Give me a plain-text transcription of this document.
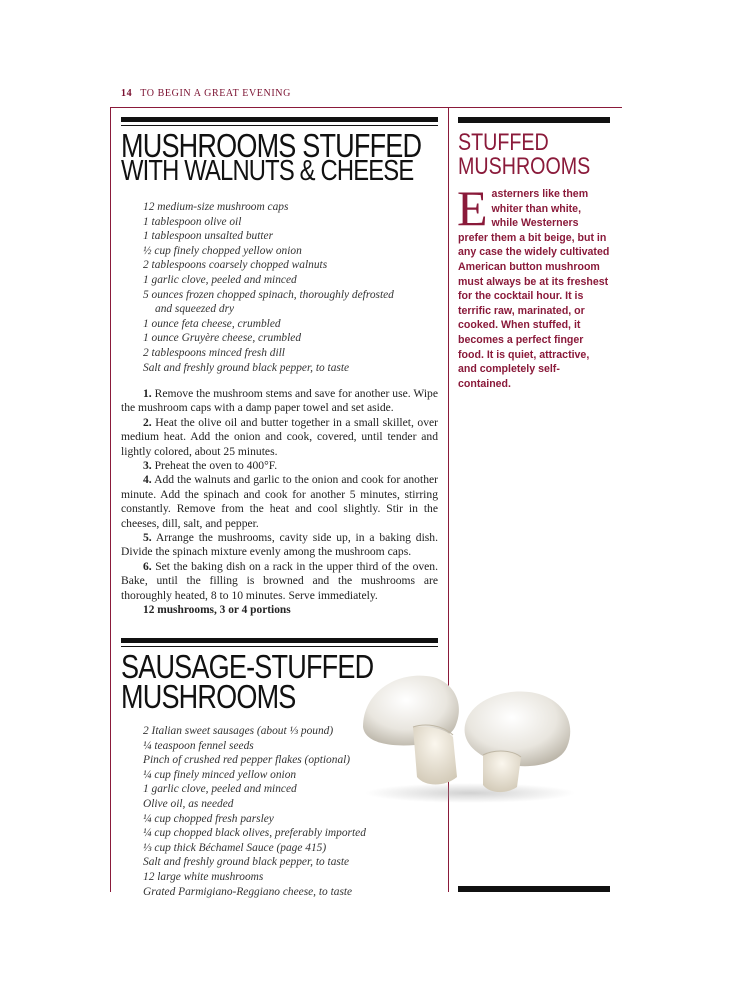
14 TO BEGIN A GREAT EVENING
MUSHROOMS STUFFED
WITH WALNUTS & CHEESE
12 medium-size mushroom caps
1 tablespoon olive oil
1 tablespoon unsalted butter
½ cup finely chopped yellow onion
2 tablespoons coarsely chopped walnuts
1 garlic clove, peeled and minced
5 ounces frozen chopped spinach, thoroughly defrosted
and squeezed dry
1 ounce feta cheese, crumbled
1 ounce Gruyère cheese, crumbled
2 tablespoons minced fresh dill
Salt and freshly ground black pepper, to taste

1. Remove the mushroom stems and save for another use. Wipe the mushroom caps with a damp paper towel and set aside.

2. Heat the olive oil and butter together in a small skillet, over medium heat. Add the onion and cook, covered, until tender and lightly colored, about 25 minutes.

3. Preheat the oven to 400°F.

4. Add the walnuts and garlic to the onion and cook for another minute. Add the spinach and cook for another 5 minutes, stirring constantly. Remove from the heat and cool slightly. Stir in the cheeses, dill, salt, and pepper.

5. Arrange the mushrooms, cavity side up, in a baking dish. Divide the spinach mixture evenly among the mushroom caps.

6. Set the baking dish on a rack in the upper third of the oven. Bake, until the filling is browned and the mushrooms are thoroughly heated, 8 to 10 minutes. Serve immediately.

12 mushrooms, 3 or 4 portions

SAUSAGE-STUFFED
MUSHROOMS
2 Italian sweet sausages (about ⅓ pound)
¼ teaspoon fennel seeds
Pinch of crushed red pepper flakes (optional)
¼ cup finely minced yellow onion
1 garlic clove, peeled and minced
Olive oil, as needed
¼ cup chopped fresh parsley
¼ cup chopped black olives, preferably imported
⅓ cup thick Béchamel Sauce (page 415)
Salt and freshly ground black pepper, to taste
12 large white mushrooms
Grated Parmigiano-Reggiano cheese, to taste
STUFFED
MUSHROOMS
Easterners like them whiter than white, while Westerners prefer them a bit beige, but in any case the widely cultivated American button mushroom must always be at its freshest for the cocktail hour. It is terrific raw, marinated, or cooked. When stuffed, it becomes a perfect finger food. It is quiet, attractive, and completely self-contained.
